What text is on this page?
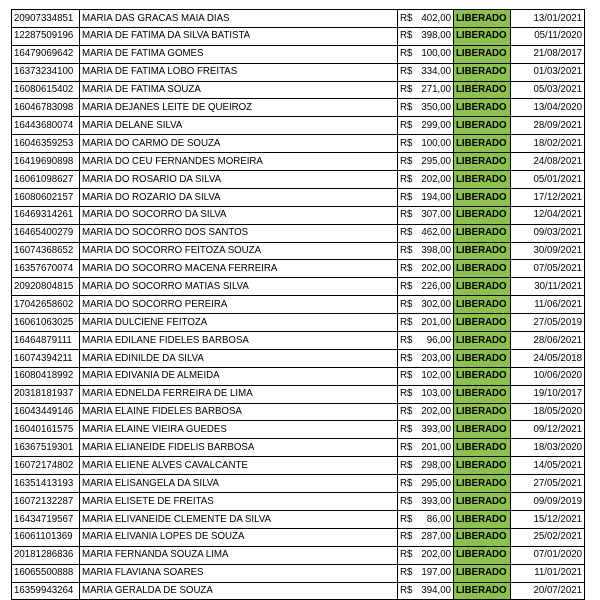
20907334851	MARIA DAS GRACAS MAIA DIAS	R$ 402,00	LIBERADO	13/01/2021
12287509196	MARIA DE FATIMA DA SILVA BATISTA	R$ 398,00	LIBERADO	05/11/2020
16479069642	MARIA DE FATIMA GOMES	R$ 100,00	LIBERADO	21/08/2017
16373234100	MARIA DE FATIMA LOBO FREITAS	R$ 334,00	LIBERADO	01/03/2021
16080615402	MARIA DE FATIMA SOUZA	R$ 271,00	LIBERADO	05/03/2021
16046783098	MARIA DEJANES LEITE DE QUEIROZ	R$ 350,00	LIBERADO	13/04/2020
16443680074	MARIA DELANE SILVA	R$ 299,00	LIBERADO	28/09/2021
16046359253	MARIA DO CARMO DE SOUZA	R$ 100,00	LIBERADO	18/02/2021
16419690898	MARIA DO CEU FERNANDES MOREIRA	R$ 295,00	LIBERADO	24/08/2021
16061098627	MARIA DO ROSARIO DA SILVA	R$ 202,00	LIBERADO	05/01/2021
16080602157	MARIA DO ROZARIO DA SILVA	R$ 194,00	LIBERADO	17/12/2021
16469314261	MARIA DO SOCORRO DA SILVA	R$ 307,00	LIBERADO	12/04/2021
16465400279	MARIA DO SOCORRO DOS SANTOS	R$ 462,00	LIBERADO	09/03/2021
16074368652	MARIA DO SOCORRO FEITOZA SOUZA	R$ 398,00	LIBERADO	30/09/2021
16357670074	MARIA DO SOCORRO MACENA FERREIRA	R$ 202,00	LIBERADO	07/05/2021
20920804815	MARIA DO SOCORRO MATIAS SILVA	R$ 226,00	LIBERADO	30/11/2021
17042658602	MARIA DO SOCORRO PEREIRA	R$ 302,00	LIBERADO	11/06/2021
16061063025	MARIA DULCIENE FEITOZA	R$ 201,00	LIBERADO	27/05/2019
16464879111	MARIA EDILANE FIDELES BARBOSA	R$ 96,00	LIBERADO	28/06/2021
16074394211	MARIA EDINILDE DA SILVA	R$ 203,00	LIBERADO	24/05/2018
16080418992	MARIA EDIVANIA DE ALMEIDA	R$ 102,00	LIBERADO	10/06/2020
20318181937	MARIA EDNELDA FERREIRA DE LIMA	R$ 103,00	LIBERADO	19/10/2017
16043449146	MARIA ELAINE FIDELES BARBOSA	R$ 202,00	LIBERADO	18/05/2020
16040161575	MARIA ELAINE VIEIRA GUEDES	R$ 393,00	LIBERADO	09/12/2021
16367519301	MARIA ELIANEIDE FIDELIS BARBOSA	R$ 201,00	LIBERADO	18/03/2020
16072174802	MARIA ELIENE ALVES CAVALCANTE	R$ 298,00	LIBERADO	14/05/2021
16351413193	MARIA ELISANGELA DA SILVA	R$ 295,00	LIBERADO	27/05/2021
16072132287	MARIA ELISETE DE FREITAS	R$ 393,00	LIBERADO	09/09/2019
16434719567	MARIA ELIVANEIDE CLEMENTE DA SILVA	R$ 86,00	LIBERADO	15/12/2021
16061101369	MARIA ELIVANIA LOPES DE SOUZA	R$ 287,00	LIBERADO	25/02/2021
20181286836	MARIA FERNANDA SOUZA LIMA	R$ 202,00	LIBERADO	07/01/2020
16065500888	MARIA FLAVIANA SOARES	R$ 197,00	LIBERADO	11/01/2021
16359943264	MARIA GERALDA DE SOUZA	R$ 394,00	LIBERADO	20/07/2021
